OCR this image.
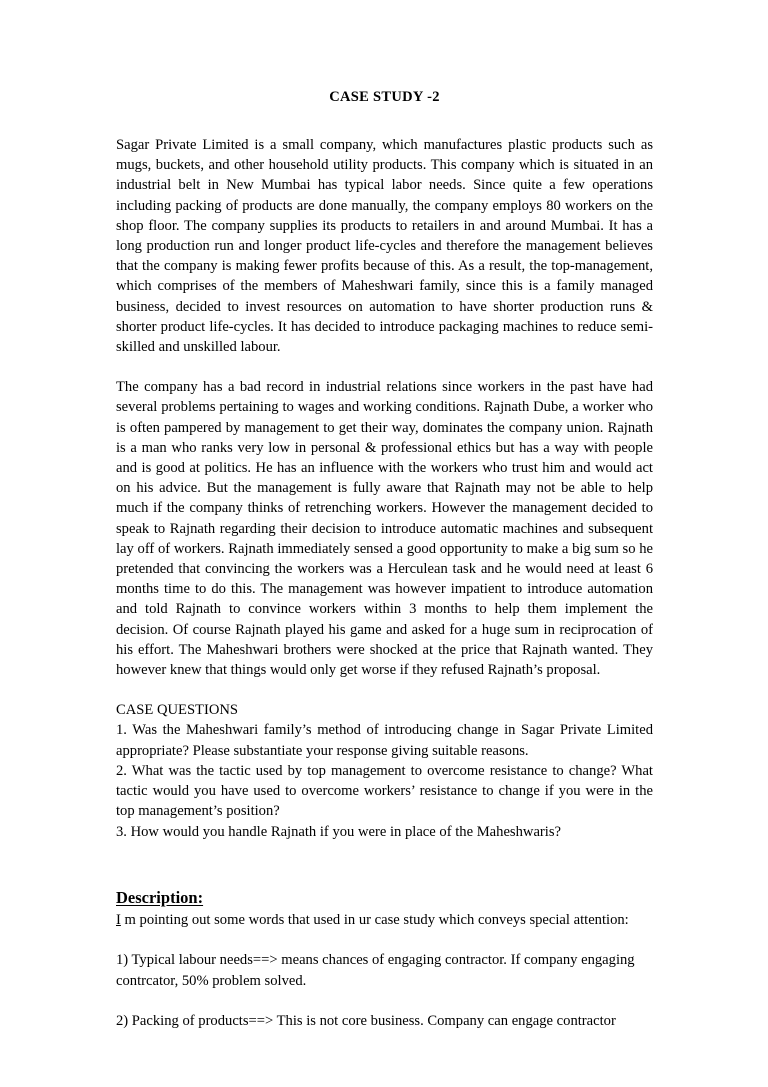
CASE STUDY -2

Sagar Private Limited is a small company, which manufactures plastic products such as mugs, buckets, and other household utility products. This company which is situated in an industrial belt in New Mumbai has typical labor needs. Since quite a few operations including packing of products are done manually, the company employs 80 workers on the shop floor. The company supplies its products to retailers in and around Mumbai. It has a long production run and longer product life-cycles and therefore the management believes that the company is making fewer profits because of this. As a result, the top-management, which comprises of the members of Maheshwari family, since this is a family managed business, decided to invest resources on automation to have shorter production runs & shorter product life-cycles. It has decided to introduce packaging machines to reduce semi-skilled and unskilled labour.

The company has a bad record in industrial relations since workers in the past have had several problems pertaining to wages and working conditions. Rajnath Dube, a worker who is often pampered by management to get their way, dominates the company union. Rajnath is a man who ranks very low in personal & professional ethics but has a way with people and is good at politics. He has an influence with the workers who trust him and would act on his advice. But the management is fully aware that Rajnath may not be able to help much if the company thinks of retrenching workers. However the management decided to speak to Rajnath regarding their decision to introduce automatic machines and subsequent lay off of workers. Rajnath immediately sensed a good opportunity to make a big sum so he pretended that convincing the workers was a Herculean task and he would need at least 6 months time to do this. The management was however impatient to introduce automation and told Rajnath to convince workers within 3 months to help them implement the decision. Of course Rajnath played his game and asked for a huge sum in reciprocation of his effort. The Maheshwari brothers were shocked at the price that Rajnath wanted. They however knew that things would only get worse if they refused Rajnath’s proposal.

CASE QUESTIONS

1. Was the Maheshwari family’s method of introducing change in Sagar Private Limited appropriate? Please substantiate your response giving suitable reasons.

2. What was the tactic used by top management to overcome resistance to change? What tactic would you have used to overcome workers’ resistance to change if you were in the top management’s position?

3. How would you handle Rajnath if you were in place of the Maheshwaris?

Description:

I m pointing out some words that used in ur case study which conveys special attention:

1) Typical labour needs==> means chances of engaging contractor. If company engaging contrcator, 50% problem solved.

2) Packing of products==> This is not core business. Company can engage contractor
